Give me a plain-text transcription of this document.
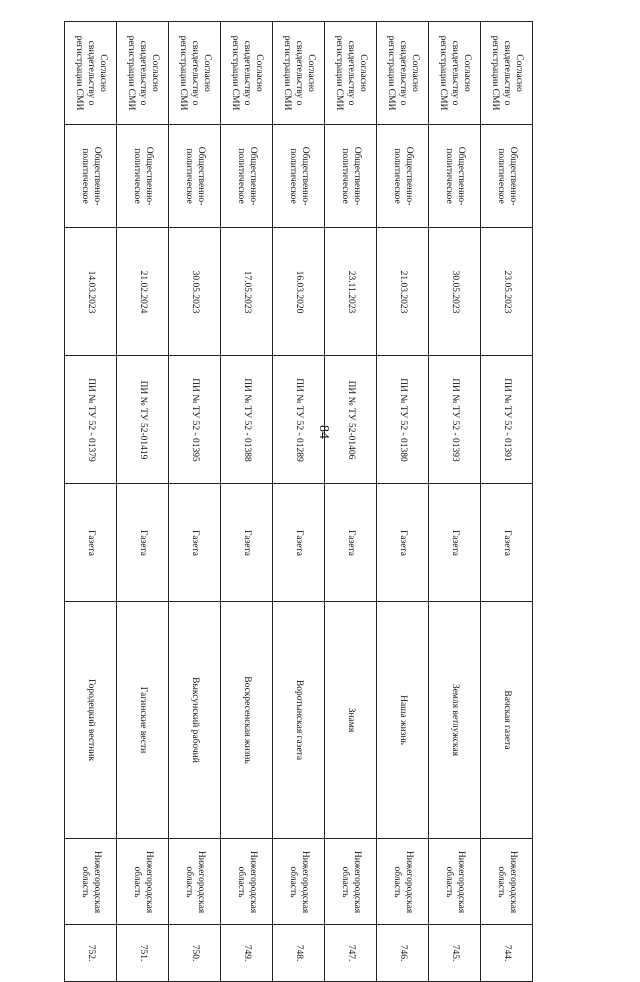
84
Согласно свидетельству о регистрации СМИ	Согласно свидетельству о регистрации СМИ	Согласно свидетельству о регистрации СМИ	Согласно свидетельству о регистрации СМИ	Согласно свидетельству о регистрации СМИ	Согласно свидетельству о регистрации СМИ	Согласно свидетельству о регистрации СМИ	Согласно свидетельству о регистрации СМИ	Согласно свидетельству о регистрации СМИ

Общественно-политическое	Общественно-политическое	Общественно-политическое	Общественно-политическое	Общественно-политическое	Общественно-политическое	Общественно-политическое	Общественно-политическое	Общественно-политическое

14.03.2023	21.02.2024	30.05.2023	17.05.2023	16.03.2020	23.11.2023	21.03.2023	30.05.2023	23.05.2023

ПИ № ТУ 52 - 01379	ПИ № ТУ 52-01419	ПИ № ТУ 52 - 01395	ПИ № ТУ 52 - 01388	ПИ № ТУ 52 - 01289	ПИ № ТУ 52-01406	ПИ № ТУ 52 - 01380	ПИ № ТУ 52 - 01393	ПИ № ТУ 52 - 01391

Газета	Газета	Газета	Газета	Газета	Газета	Газета	Газета	Газета

Городецкий вестник	Гагинские вести	Выксунский рабочий	Воскресенская жизнь	Воротынская газета	Знамя	Наша жизнь	Земля ветлужская	Вачская газета

Нижегородская область	Нижегородская область	Нижегородская область	Нижегородская область	Нижегородская область	Нижегородская область	Нижегородская область	Нижегородская область	Нижегородская область

752.	751.	750.	749.	748.	747.	746.	745.	744.
